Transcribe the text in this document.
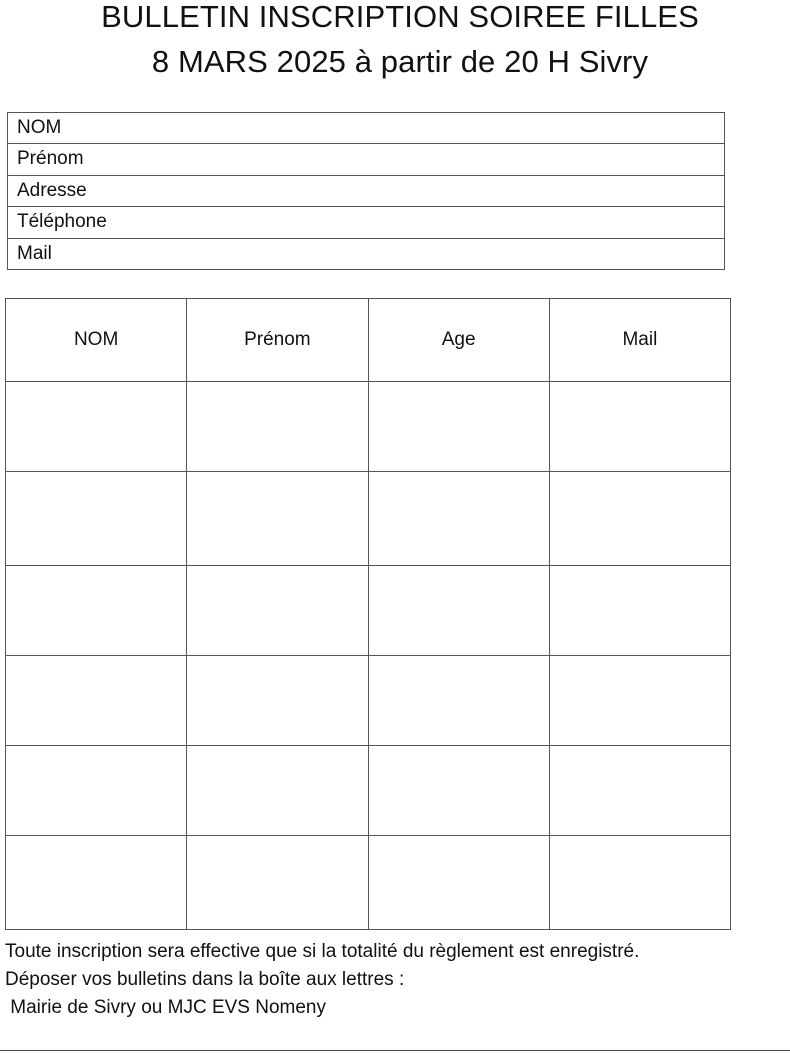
BULLETIN INSCRIPTION SOIREE FILLES
8 MARS 2025 à partir de 20 H Sivry
NOM
Prénom
Adresse
Téléphone
Mail
NOM	Prénom	Age	Mail

Toute inscription sera effective que si la totalité du règlement est enregistré.
Déposer vos bulletins dans la boîte aux lettres :
Mairie de Sivry ou MJC EVS Nomeny
